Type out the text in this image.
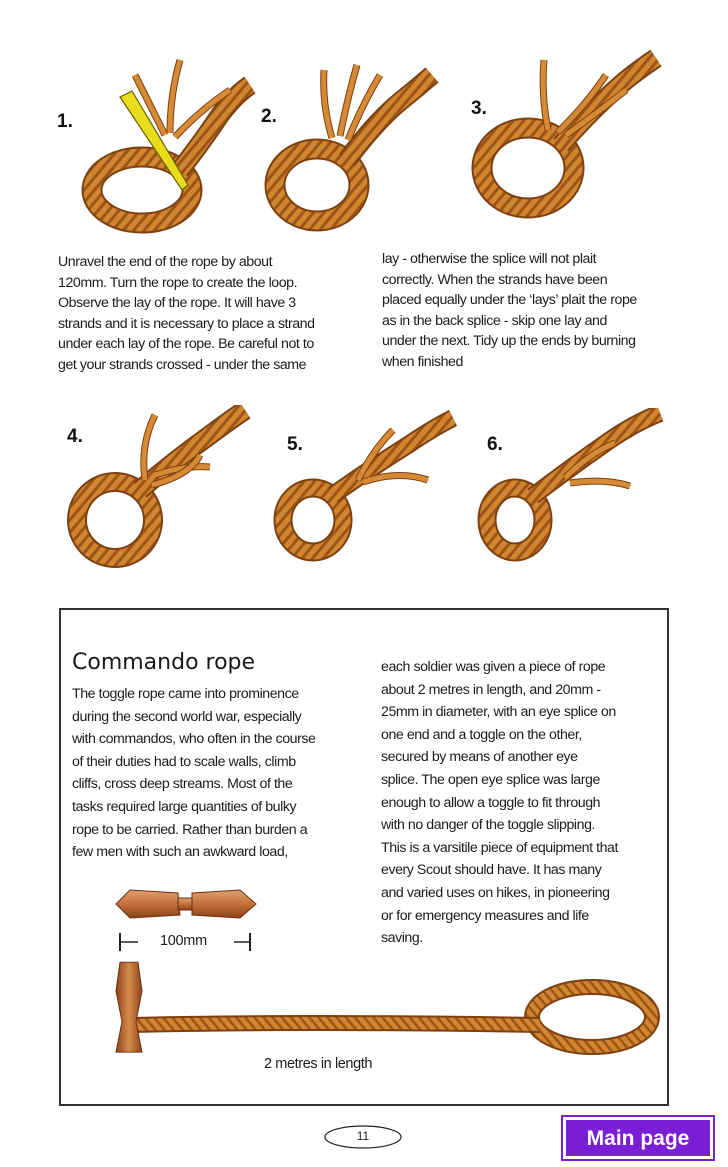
1.	2.	3.
4.	5.	6.
Unravel the end of the rope by about
120mm. Turn the rope to create the loop.
Observe the lay of the rope. It will have 3
strands and it is necessary to place a strand
under each lay of the rope. Be careful not to
get your strands crossed - under the same
lay - otherwise the splice will not plait
correctly. When the strands have been
placed equally under the ‘lays’ plait the rope
as in the back splice - skip one lay and
under the next. Tidy up the ends by burning
when finished
Commando rope
The toggle rope came into prominence
during the second world war, especially
with commandos, who often in the course
of their duties had to scale walls, climb
cliffs, cross deep streams. Most of the
tasks required large quantities of bulky
rope to be carried. Rather than burden a
few men with such an awkward load,
each soldier was given a piece of rope
about 2 metres in length, and 20mm -
25mm in diameter, with an eye splice on
one end and a toggle on the other,
secured by means of another eye
splice. The open eye splice was large
enough to allow a toggle to fit through
with no danger of the toggle slipping.
This is a varsitile piece of equipment that
every Scout should have. It has many
and varied uses on hikes, in pioneering
or for emergency measures and life
saving.
100mm
2 metres in length
11	Main page
